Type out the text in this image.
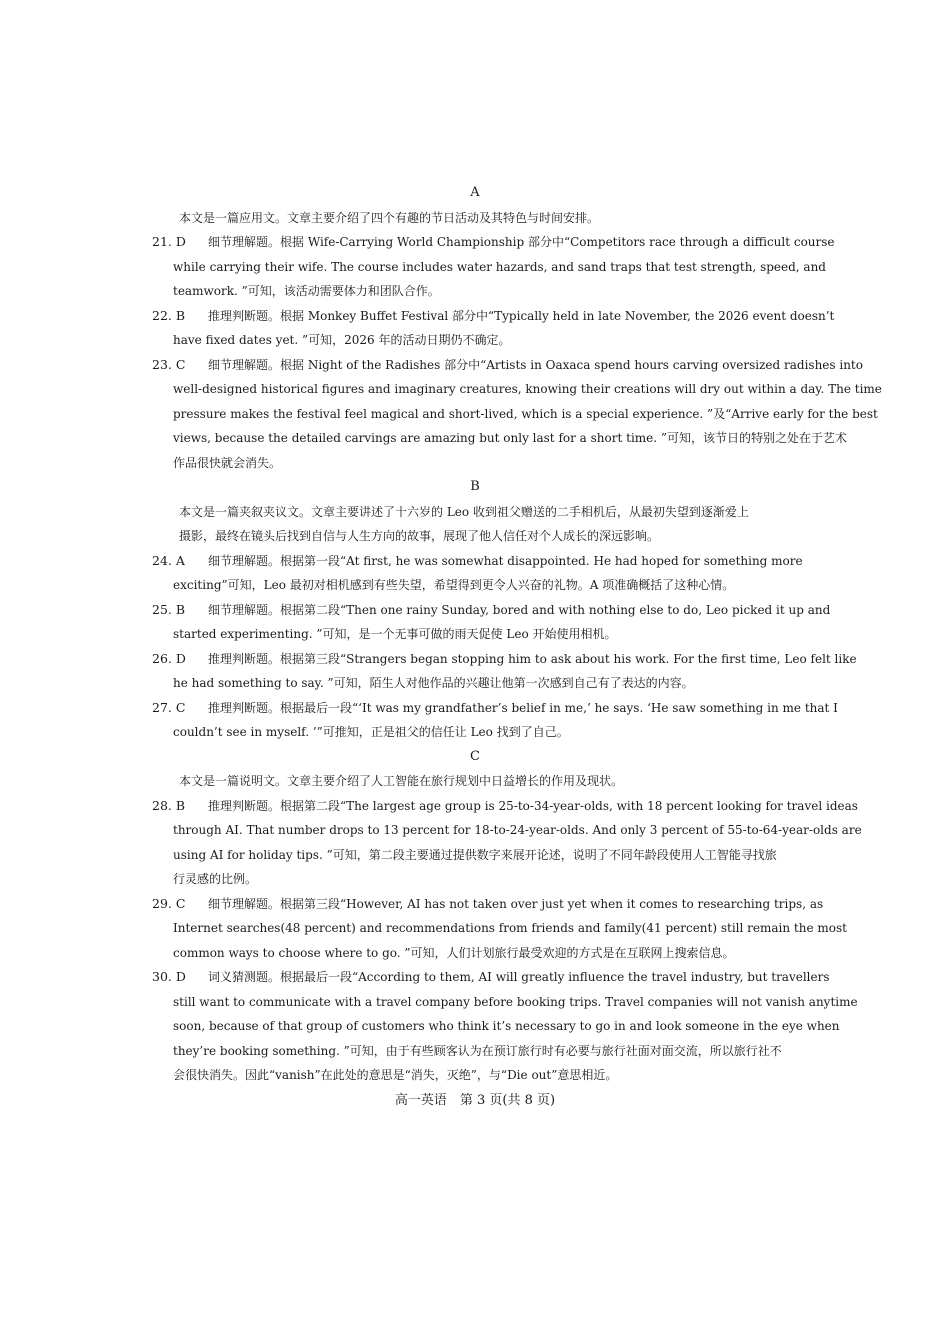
A
本文是一篇应用文。文章主要介绍了四个有趣的节日活动及其特色与时间安排。
21. D 细节理解题。根据 Wife-Carrying World Championship 部分中“Competitors race through a difficult course
while carrying their wife. The course includes water hazards, and sand traps that test strength, speed, and
teamwork. ”可知，该活动需要体力和团队合作。
22. B 推理判断题。根据 Monkey Buffet Festival 部分中“Typically held in late November, the 2026 event doesn’t
have fixed dates yet. ”可知，2026 年的活动日期仍不确定。
23. C 细节理解题。根据 Night of the Radishes 部分中“Artists in Oaxaca spend hours carving oversized radishes into
well-designed historical figures and imaginary creatures, knowing their creations will dry out within a day. The time
pressure makes the festival feel magical and short-lived, which is a special experience. ”及“Arrive early for the best
views, because the detailed carvings are amazing but only last for a short time. ”可知，该节日的特别之处在于艺术
作品很快就会消失。
B
本文是一篇夹叙夹议文。文章主要讲述了十六岁的 Leo 收到祖父赠送的二手相机后，从最初失望到逐渐爱上
摄影，最终在镜头后找到自信与人生方向的故事，展现了他人信任对个人成长的深远影响。
24. A 细节理解题。根据第一段“At first, he was somewhat disappointed. He had hoped for something more
exciting”可知，Leo 最初对相机感到有些失望，希望得到更令人兴奋的礼物。A 项准确概括了这种心情。
25. B 细节理解题。根据第二段“Then one rainy Sunday, bored and with nothing else to do, Leo picked it up and
started experimenting. ”可知，是一个无事可做的雨天促使 Leo 开始使用相机。
26. D 推理判断题。根据第三段“Strangers began stopping him to ask about his work. For the first time, Leo felt like
he had something to say. ”可知，陌生人对他作品的兴趣让他第一次感到自己有了表达的内容。
27. C 推理判断题。根据最后一段“‘It was my grandfather’s belief in me,’ he says. ‘He saw something in me that I
couldn’t see in myself. ’”可推知，正是祖父的信任让 Leo 找到了自己。
C
本文是一篇说明文。文章主要介绍了人工智能在旅行规划中日益增长的作用及现状。
28. B 推理判断题。根据第二段“The largest age group is 25-to-34-year-olds, with 18 percent looking for travel ideas
through AI. That number drops to 13 percent for 18-to-24-year-olds. And only 3 percent of 55-to-64-year-olds are
using AI for holiday tips. ”可知，第二段主要通过提供数字来展开论述，说明了不同年龄段使用人工智能寻找旅
行灵感的比例。
29. C 细节理解题。根据第三段“However, AI has not taken over just yet when it comes to researching trips, as
Internet searches(48 percent) and recommendations from friends and family(41 percent) still remain the most
common ways to choose where to go. ”可知，人们计划旅行最受欢迎的方式是在互联网上搜索信息。
30. D 词义猜测题。根据最后一段“According to them, AI will greatly influence the travel industry, but travellers
still want to communicate with a travel company before booking trips. Travel companies will not vanish anytime
soon, because of that group of customers who think it’s necessary to go in and look someone in the eye when
they’re booking something. ”可知，由于有些顾客认为在预订旅行时有必要与旅行社面对面交流，所以旅行社不
会很快消失。因此“vanish”在此处的意思是“消失，灭绝”，与“Die out”意思相近。
高一英语　第 3 页(共 8 页)
